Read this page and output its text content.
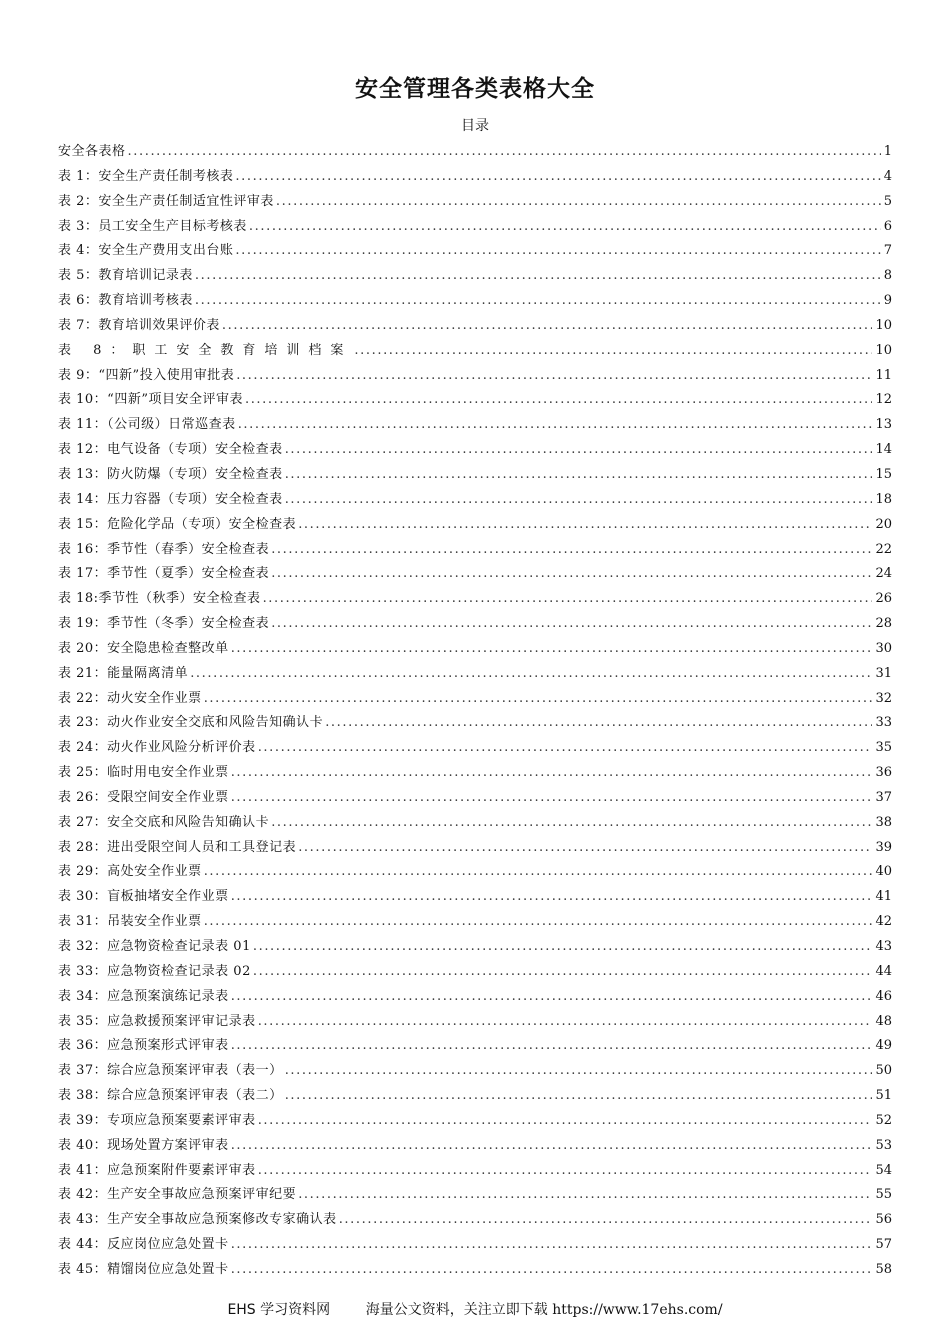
安全管理各类表格大全
目录
安全各表格 .....	1
表 1：安全生产责任制考核表 .....	4
表 2：安全生产责任制适宜性评审表 .....	5
表 3：员工安全生产目标考核表 .....	6
表 4：安全生产费用支出台账 .....	7
表 5：教育培训记录表 .....	8
表 6：教育培训考核表 .....	9
表 7：教育培训效果评价表 .....	10
表 8：职工安全教育培训档案 .....	10
表 9：“四新”投入使用审批表 .....	11
表 10：“四新”项目安全评审表 .....	12
表 11：（公司级）日常巡查表 .....	13
表 12：电气设备（专项）安全检查表 .....	14
表 13：防火防爆（专项）安全检查表 .....	15
表 14：压力容器（专项）安全检查表 .....	18
表 15：危险化学品（专项）安全检查表 .....	20
表 16：季节性（春季）安全检查表 .....	22
表 17：季节性（夏季）安全检查表 .....	24
表 18:季节性（秋季）安全检查表 .....	26
表 19：季节性（冬季）安全检查表 .....	28
表 20：安全隐患检查整改单 .....	30
表 21：能量隔离清单 .....	31
表 22：动火安全作业票 .....	32
表 23：动火作业安全交底和风险告知确认卡 .....	33
表 24：动火作业风险分析评价表 .....	35
表 25：临时用电安全作业票 .....	36
表 26：受限空间安全作业票 .....	37
表 27：安全交底和风险告知确认卡 .....	38
表 28：进出受限空间人员和工具登记表 .....	39
表 29：高处安全作业票 .....	40
表 30：盲板抽堵安全作业票 .....	41
表 31：吊装安全作业票 .....	42
表 32：应急物资检查记录表 01 .....	43
表 33：应急物资检查记录表 02 .....	44
表 34：应急预案演练记录表 .....	46
表 35：应急救援预案评审记录表 .....	48
表 36：应急预案形式评审表 .....	49
表 37：综合应急预案评审表（表一） .....	50
表 38：综合应急预案评审表（表二） .....	51
表 39：专项应急预案要素评审表 .....	52
表 40：现场处置方案评审表 .....	53
表 41：应急预案附件要素评审表 .....	54
表 42：生产安全事故应急预案评审纪要 .....	55
表 43：生产安全事故应急预案修改专家确认表 .....	56
表 44：反应岗位应急处置卡 .....	57
表 45：精馏岗位应急处置卡 .....	58
EHS 学习资料网	海量公文资料，关注立即下载 https://www.17ehs.com/
